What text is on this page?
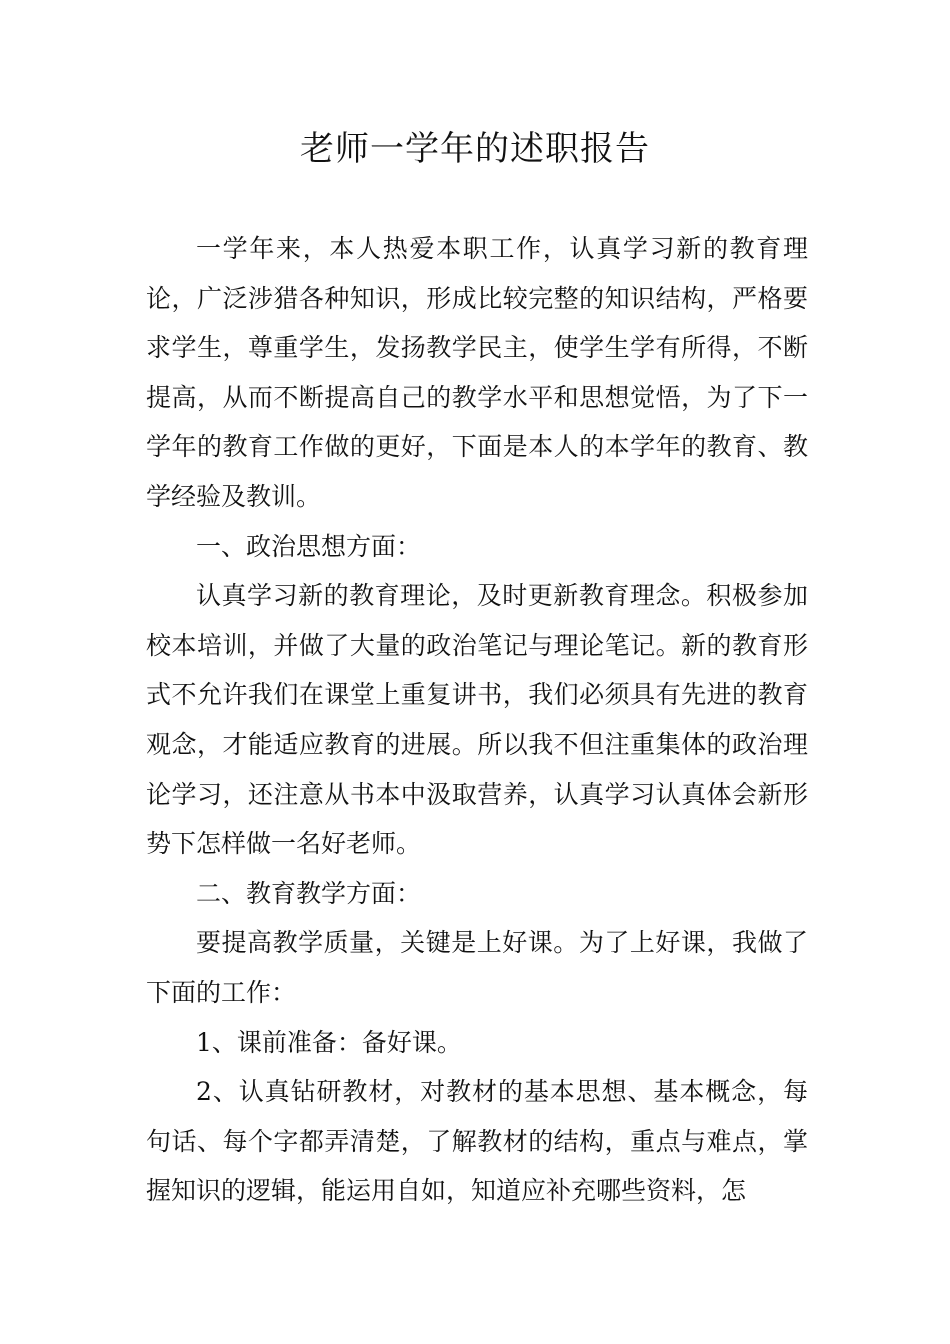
老师一学年的述职报告

一学年来，本人热爱本职工作，认真学习新的教育理论，广泛涉猎各种知识，形成比较完整的知识结构，严格要求学生，尊重学生，发扬教学民主，使学生学有所得，不断提高，从而不断提高自己的教学水平和思想觉悟，为了下一学年的教育工作做的更好，下面是本人的本学年的教育、教学经验及教训。

一、政治思想方面：

认真学习新的教育理论，及时更新教育理念。积极参加校本培训，并做了大量的政治笔记与理论笔记。新的教育形式不允许我们在课堂上重复讲书，我们必须具有先进的教育观念，才能适应教育的进展。所以我不但注重集体的政治理论学习，还注意从书本中汲取营养，认真学习认真体会新形势下怎样做一名好老师。

二、教育教学方面：

要提高教学质量，关键是上好课。为了上好课，我做了下面的工作：

1、课前准备：备好课。

2、认真钻研教材，对教材的基本思想、基本概念，每句话、每个字都弄清楚，了解教材的结构，重点与难点，掌握知识的逻辑，能运用自如，知道应补充哪些资料，怎
